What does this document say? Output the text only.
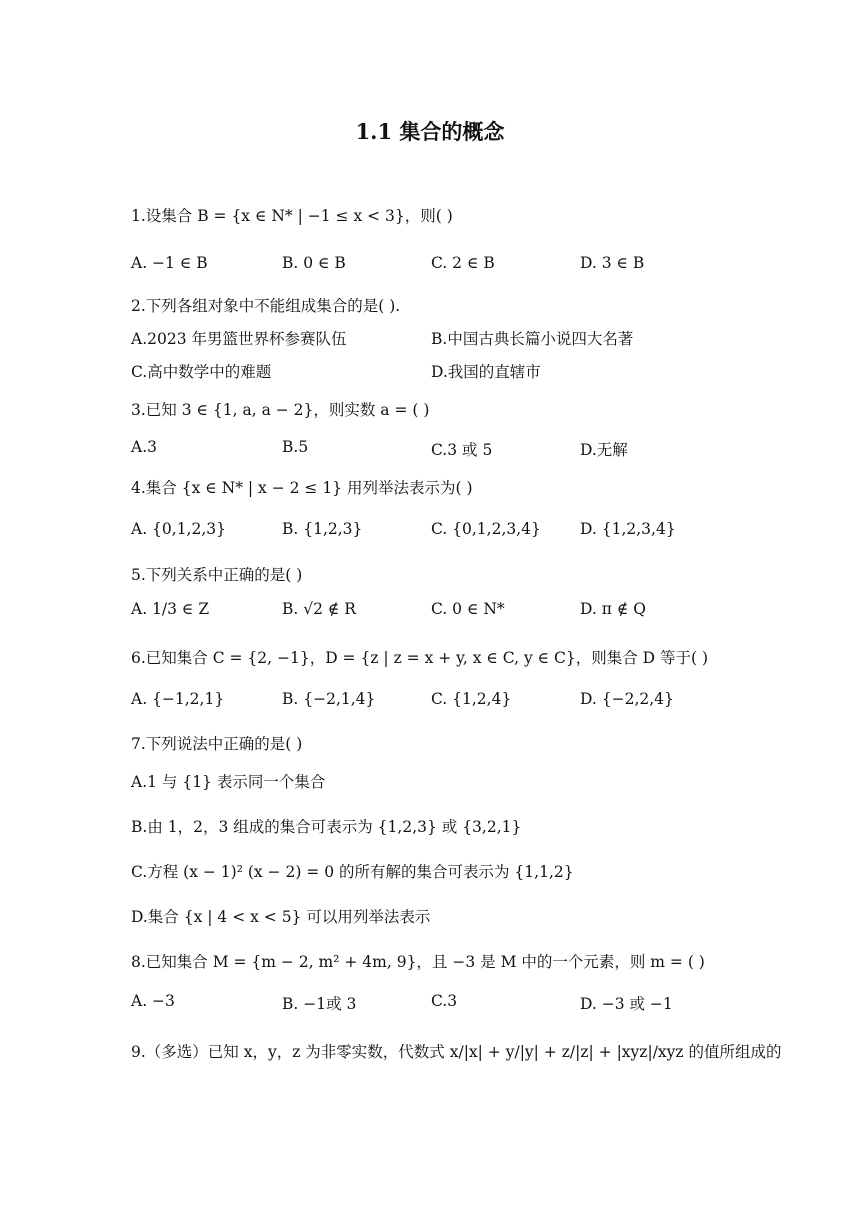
1.1 集合的概念
1.设集合 B = {x ∈ N* | −1 ≤ x < 3}，则( )
A. −1 ∈ B	B. 0 ∈ B	C. 2 ∈ B	D. 3 ∈ B
2.下列各组对象中不能组成集合的是( ).
A.2023 年男篮世界杯参赛队伍	B.中国古典长篇小说四大名著
C.高中数学中的难题	D.我国的直辖市
3.已知 3 ∈ {1, a, a − 2}，则实数 a = ( )
A.3	B.5	C.3 或 5	D.无解
4.集合 {x ∈ N* | x − 2 ≤ 1} 用列举法表示为( )
A. {0,1,2,3}	B. {1,2,3}	C. {0,1,2,3,4}	D. {1,2,3,4}
5.下列关系中正确的是( )
A. 1/3 ∈ Z	B. √2 ∉ R	C. 0 ∈ N*	D. π ∉ Q
6.已知集合 C = {2, −1}，D = {z | z = x + y, x ∈ C, y ∈ C}，则集合 D 等于( )
A. {−1,2,1}	B. {−2,1,4}	C. {1,2,4}	D. {−2,2,4}
7.下列说法中正确的是( )
A.1 与 {1} 表示同一个集合
B.由 1，2，3 组成的集合可表示为 {1,2,3} 或 {3,2,1}
C.方程 (x − 1)² (x − 2) = 0 的所有解的集合可表示为 {1,1,2}
D.集合 {x | 4 < x < 5} 可以用列举法表示
8.已知集合 M = {m − 2, m² + 4m, 9}，且 −3 是 M 中的一个元素，则 m = ( )
A. −3	B. −1或 3	C.3	D. −3 或 −1
9.（多选）已知 x，y，z 为非零实数，代数式 x/|x| + y/|y| + z/|z| + |xyz|/xyz 的值所组成的
